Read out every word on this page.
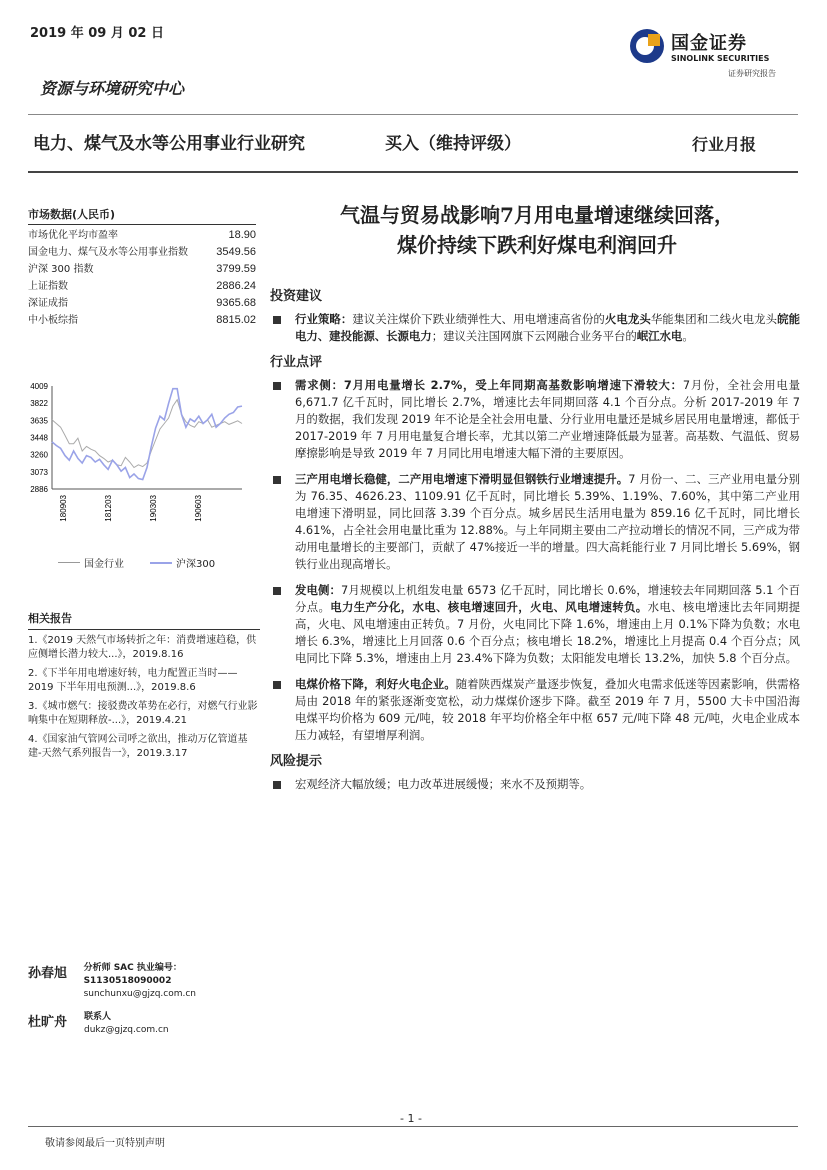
2019 年 09 月 02 日	国金证券
SINOLINK SECURITIES
证券研究报告
资源与环境研究中心
电力、煤气及水等公用事业行业研究	买入（维持评级）	行业月报
市场数据(人民币)
市场优化平均市盈率	18.90
国金电力、煤气及水等公用事业指数	3549.56
沪深 300 指数	3799.59
上证指数	2886.24
深证成指	9365.68
中小板综指	8815.02
4009
3822
3635
3448
3260
3073
2886
180903	181203	190303	190603
国金行业	沪深300
相关报告

1.《2019 天然气市场转折之年：消费增速趋稳，供应侧增长潜力较大...》，2019.8.16

2.《下半年用电增速好转，电力配置正当时——2019 下半年用电预测...》，2019.8.6

3.《城市燃气：接驳费改革势在必行，对燃气行业影响集中在短期释放-...》，2019.4.21

4.《国家油气管网公司呼之欲出，推动万亿管道基建-天然气系列报告一》，2019.3.17

孙春旭	分析师 SAC 执业编号：S1130518090002
sunchunxu@gjzq.com.cn
杜旷舟	联系人
dukz@gjzq.com.cn
气温与贸易战影响7月用电量增速继续回落，
煤价持续下跌利好煤电利润回升
投资建议

行业策略：建议关注煤价下跌业绩弹性大、用电增速高省份的火电龙头华能集团和二线火电龙头皖能电力、建投能源、长源电力；建议关注国网旗下云网融合业务平台的岷江水电。

行业点评

需求侧：7月用电量增长 2.7%，受上年同期高基数影响增速下滑较大：7月份，全社会用电量 6,671.7 亿千瓦时，同比增长 2.7%，增速比去年同期回落 4.1 个百分点。分析 2017-2019 年 7 月的数据，我们发现 2019 年不论是全社会用电量、分行业用电量还是城乡居民用电量增速，都低于 2017-2019 年 7 月用电量复合增长率，尤其以第二产业增速降低最为显著。高基数、气温低、贸易摩擦影响是导致 2019 年 7 月同比用电增速大幅下滑的主要原因。

三产用电增长稳健，二产用电增速下滑明显但钢铁行业增速提升。7 月份一、二、三产业用电量分别为 76.35、4626.23、1109.91 亿千瓦时，同比增长 5.39%、1.19%、7.60%，其中第二产业用电增速下滑明显，同比回落 3.39 个百分点。城乡居民生活用电量为 859.16 亿千瓦时，同比增长 4.61%，占全社会用电量比重为 12.88%。与上年同期主要由二产拉动增长的情况不同，三产成为带动用电量增长的主要部门，贡献了 47%接近一半的增量。四大高耗能行业 7 月同比增长 5.69%，钢铁行业出现高增长。

发电侧：7月规模以上机组发电量 6573 亿千瓦时，同比增长 0.6%，增速较去年同期回落 5.1 个百分点。电力生产分化，水电、核电增速回升，火电、风电增速转负。水电、核电增速比去年同期提高，火电、风电增速由正转负。7 月份，火电同比下降 1.6%，增速由上月 0.1%下降为负数；水电增长 6.3%，增速比上月回落 0.6 个百分点；核电增长 18.2%，增速比上月提高 0.4 个百分点；风电同比下降 5.3%，增速由上月 23.4%下降为负数；太阳能发电增长 13.2%，加快 5.8 个百分点。

电煤价格下降，利好火电企业。随着陕西煤炭产量逐步恢复，叠加火电需求低迷等因素影响，供需格局由 2018 年的紧张逐渐变宽松，动力煤煤价逐步下降。截至 2019 年 7 月，5500 大卡中国沿海电煤平均价格为 609 元/吨，较 2018 年平均价格全年中枢 657 元/吨下降 48 元/吨，火电企业成本压力减轻，有望增厚利润。

风险提示

宏观经济大幅放缓；电力改革进展缓慢；来水不及预期等。

- 1 -
敬请参阅最后一页特别声明
